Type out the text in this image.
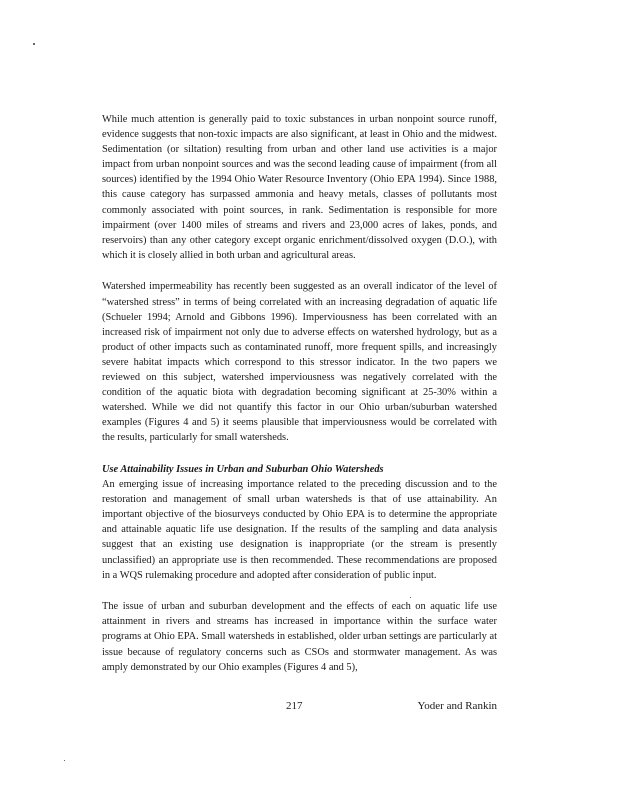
While much attention is generally paid to toxic substances in urban nonpoint source runoff, evidence suggests that non-toxic impacts are also significant, at least in Ohio and the midwest. Sedimentation (or siltation) resulting from urban and other land use activities is a major impact from urban nonpoint sources and was the second leading cause of impairment (from all sources) identified by the 1994 Ohio Water Resource Inventory (Ohio EPA 1994). Since 1988, this cause category has surpassed ammonia and heavy metals, classes of pollutants most commonly associated with point sources, in rank. Sedimentation is responsible for more impairment (over 1400 miles of streams and rivers and 23,000 acres of lakes, ponds, and reservoirs) than any other category except organic enrichment/dissolved oxygen (D.O.), with which it is closely allied in both urban and agricultural areas.

Watershed impermeability has recently been suggested as an overall indicator of the level of “watershed stress” in terms of being correlated with an increasing degradation of aquatic life (Schueler 1994; Arnold and Gibbons 1996). Imperviousness has been correlated with an increased risk of impairment not only due to adverse effects on watershed hydrology, but as a product of other impacts such as contaminated runoff, more frequent spills, and increasingly severe habitat impacts which correspond to this stressor indicator. In the two papers we reviewed on this subject, watershed imperviousness was negatively correlated with the condition of the aquatic biota with degradation becoming significant at 25-30% within a watershed. While we did not quantify this factor in our Ohio urban/suburban watershed examples (Figures 4 and 5) it seems plausible that imperviousness would be correlated with the results, particularly for small watersheds.

Use Attainability Issues in Urban and Suburban Ohio Watersheds

An emerging issue of increasing importance related to the preceding discussion and to the restoration and management of small urban watersheds is that of use attainability. An important objective of the biosurveys conducted by Ohio EPA is to determine the appropriate and attainable aquatic life use designation. If the results of the sampling and data analysis suggest that an existing use designation is inappropriate (or the stream is presently unclassified) an appropriate use is then recommended. These recommendations are proposed in a WQS rulemaking procedure and adopted after consideration of public input.

The issue of urban and suburban development and the effects of each on aquatic life use attainment in rivers and streams has increased in importance within the surface water programs at Ohio EPA. Small watersheds in established, older urban settings are particularly at issue because of regulatory concerns such as CSOs and stormwater management. As was amply demonstrated by our Ohio examples (Figures 4 and 5),

217	Yoder and Rankin
